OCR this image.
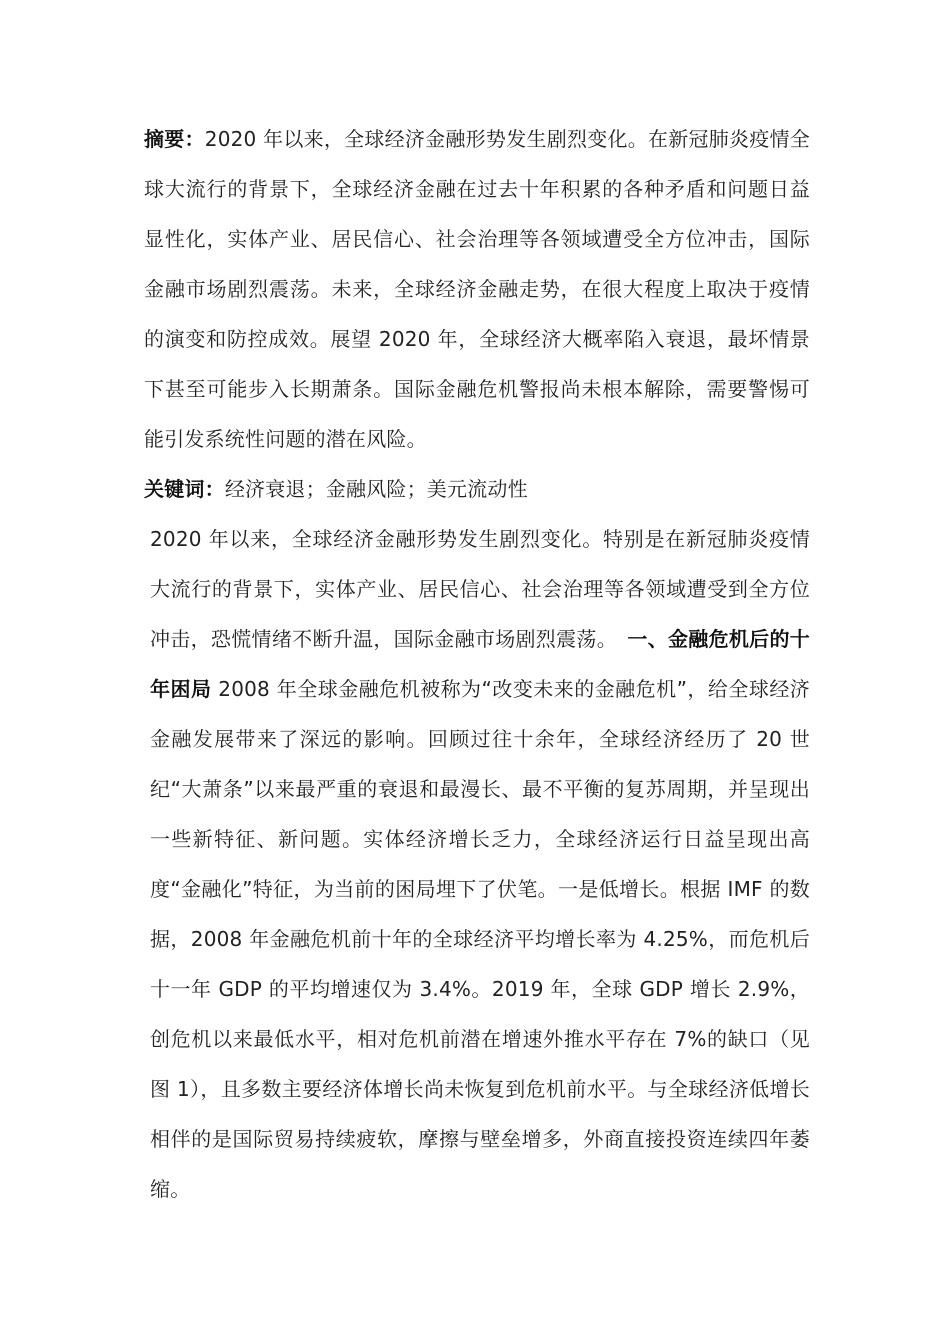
摘要：2020 年以来，全球经济金融形势发生剧烈变化。在新冠肺炎疫情全球大流行的背景下，全球经济金融在过去十年积累的各种矛盾和问题日益显性化，实体产业、居民信心、社会治理等各领域遭受全方位冲击，国际金融市场剧烈震荡。未来，全球经济金融走势，在很大程度上取决于疫情的演变和防控成效。展望 2020 年，全球经济大概率陷入衰退，最坏情景下甚至可能步入长期萧条。国际金融危机警报尚未根本解除，需要警惕可能引发系统性问题的潜在风险。

关键词：经济衰退；金融风险；美元流动性

2020 年以来，全球经济金融形势发生剧烈变化。特别是在新冠肺炎疫情大流行的背景下，实体产业、居民信心、社会治理等各领域遭受到全方位冲击，恐慌情绪不断升温，国际金融市场剧烈震荡。　 一、金融危机后的十年困局 2008 年全球金融危机被称为“改变未来的金融危机”，给全球经济金融发展带来了深远的影响。回顾过往十余年，全球经济经历了 20 世纪“大萧条”以来最严重的衰退和最漫长、最不平衡的复苏周期，并呈现出一些新特征、新问题。实体经济增长乏力，全球经济运行日益呈现出高度“金融化”特征，为当前的困局埋下了伏笔。一是低增长。根据 IMF 的数据，2008 年金融危机前十年的全球经济平均增长率为 4.25%，而危机后十一年 GDP 的平均增速仅为 3.4%。2019 年，全球 GDP 增长 2.9%，创危机以来最低水平，相对危机前潜在增速外推水平存在 7%的缺口（见图 1），且多数主要经济体增长尚未恢复到危机前水平。与全球经济低增长相伴的是国际贸易持续疲软，摩擦与壁垒增多，外商直接投资连续四年萎缩。
